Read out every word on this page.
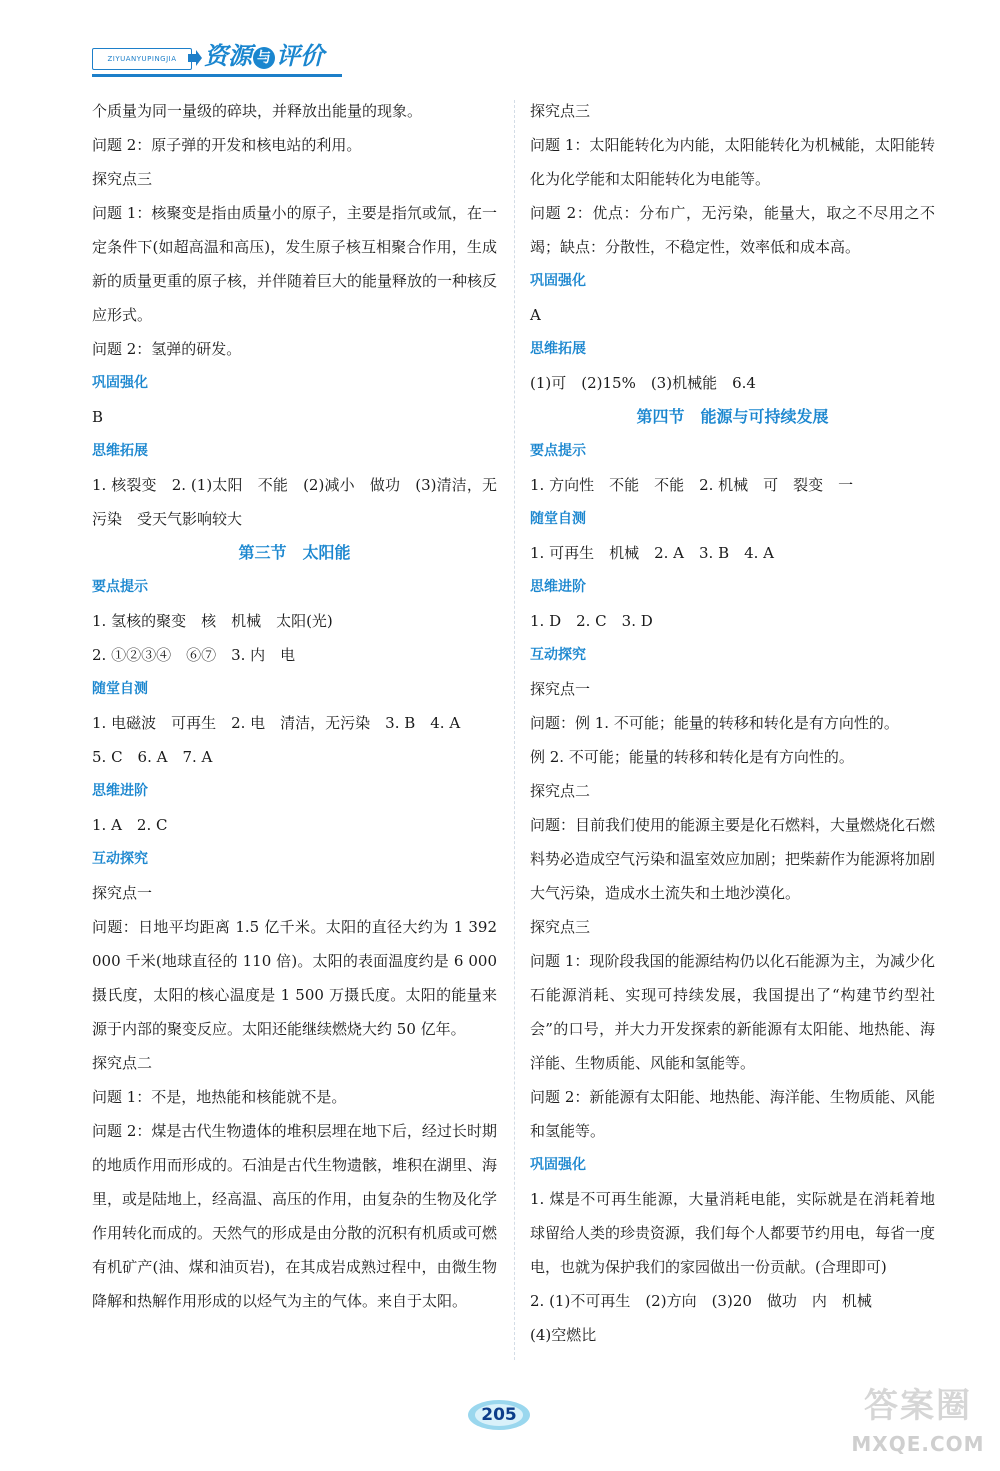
ZIYUANYUPINGJIA	资源 与 评价

个质量为同一量级的碎块，并释放出能量的现象。

问题 2：原子弹的开发和核电站的利用。

探究点三

问题 1：核聚变是指由质量小的原子，主要是指氘或氚，在一定条件下(如超高温和高压)，发生原子核互相聚合作用，生成新的质量更重的原子核，并伴随着巨大的能量释放的一种核反应形式。

问题 2：氢弹的研发。

巩固强化

B

思维拓展

1. 核裂变　2. (1)太阳　不能　(2)减小　做功　(3)清洁，无污染　受天气影响较大

第三节　太阳能

要点提示

1. 氢核的聚变　核　机械　太阳(光)

2. ①②③④　⑥⑦　3. 内　电

随堂自测

1. 电磁波　可再生　2. 电　清洁，无污染　3. B　4. A

5. C　6. A　7. A

思维进阶

1. A　2. C

互动探究

探究点一

问题：日地平均距离 1.5 亿千米。太阳的直径大约为 1 392 000 千米(地球直径的 110 倍)。太阳的表面温度约是 6 000 摄氏度，太阳的核心温度是 1 500 万摄氏度。太阳的能量来源于内部的聚变反应。太阳还能继续燃烧大约 50 亿年。

探究点二

问题 1：不是，地热能和核能就不是。

问题 2：煤是古代生物遗体的堆积层埋在地下后，经过长时期的地质作用而形成的。石油是古代生物遗骸，堆积在湖里、海里，或是陆地上，经高温、高压的作用，由复杂的生物及化学作用转化而成的。天然气的形成是由分散的沉积有机质或可燃有机矿产(油、煤和油页岩)，在其成岩成熟过程中，由微生物降解和热解作用形成的以烃气为主的气体。来自于太阳。

探究点三

问题 1：太阳能转化为内能，太阳能转化为机械能，太阳能转化为化学能和太阳能转化为电能等。

问题 2：优点：分布广，无污染，能量大，取之不尽用之不竭；缺点：分散性，不稳定性，效率低和成本高。

巩固强化

A

思维拓展

(1)可　(2)15%　(3)机械能　6.4

第四节　能源与可持续发展

要点提示

1. 方向性　不能　不能　2. 机械　可　裂变　一

随堂自测

1. 可再生　机械　2. A　3. B　4. A

思维进阶

1. D　2. C　3. D

互动探究

探究点一

问题：例 1. 不可能；能量的转移和转化是有方向性的。

例 2. 不可能；能量的转移和转化是有方向性的。

探究点二

问题：目前我们使用的能源主要是化石燃料，大量燃烧化石燃料势必造成空气污染和温室效应加剧；把柴薪作为能源将加剧大气污染，造成水土流失和土地沙漠化。

探究点三

问题 1：现阶段我国的能源结构仍以化石能源为主，为减少化石能源消耗、实现可持续发展，我国提出了“构建节约型社会”的口号，并大力开发探索的新能源有太阳能、地热能、海洋能、生物质能、风能和氢能等。

问题 2：新能源有太阳能、地热能、海洋能、生物质能、风能和氢能等。

巩固强化

1. 煤是不可再生能源，大量消耗电能，实际就是在消耗着地球留给人类的珍贵资源，我们每个人都要节约用电，每省一度电，也就为保护我们的家园做出一份贡献。(合理即可)

2. (1)不可再生　(2)方向　(3)20　做功　内　机械

(4)空燃比

205	答案圈
MXQE.COM
